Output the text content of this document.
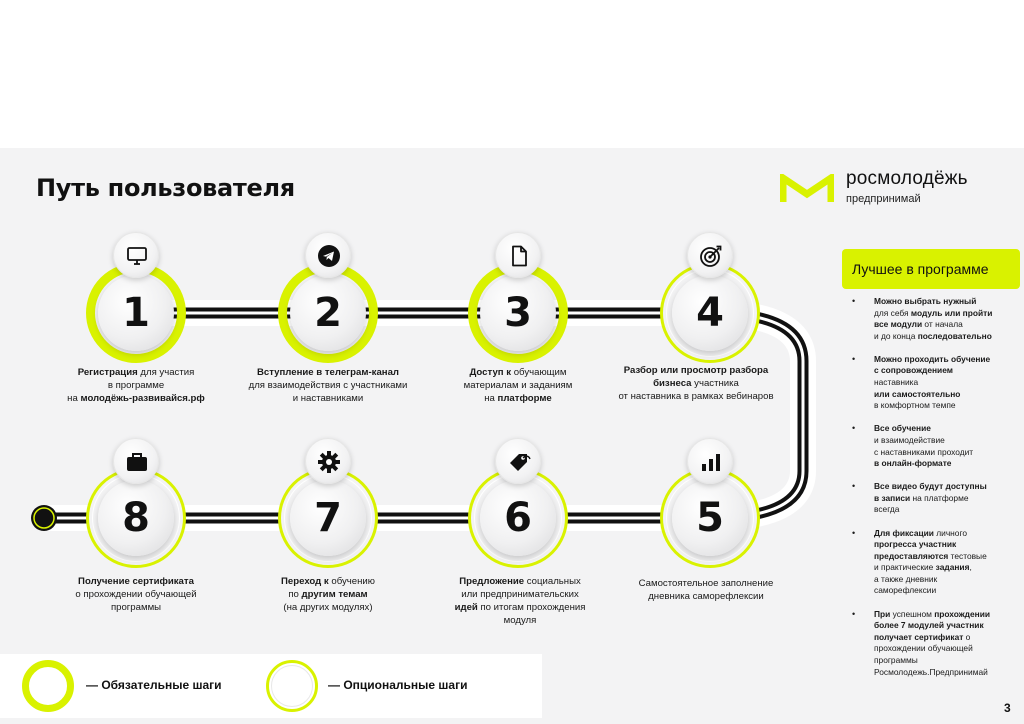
Путь пользователя	росмолодёжь
предпринимай
1	2	3	4
5
6
7
8
Регистрация для участия
в программе
на молодёжь-развивайся.рф
Вступление в телеграм-канал
для взаимодействия с участниками
и наставниками
Доступ к обучающим
материалам и заданиям
на платформе
Разбор или просмотр разбора
бизнеса участника
от наставника в рамках вебинаров
Самостоятельное заполнение
дневника саморефлексии
Предложение социальных
или предпринимательских
идей по итогам прохождения
модуля
Переход к обучению
по другим темам
(на других модулях)
Получение сертификата
о прохождении обучающей
программы
Лучшее в программе
• Можно выбрать нужный
для себя модуль или пройти
все модули от начала
и до конца последовательно
• Можно проходить обучение
с сопровождением
наставника
или самостоятельно
в комфортном темпе
• Все обучение
и взаимодействие
с наставниками проходит
в онлайн-формате
• Все видео будут доступны
в записи на платформе
всегда
• Для фиксации личного
прогресса участник
предоставляются тестовые
и практические задания,
а также дневник
саморефлексии
• При успешном прохождении
более 7 модулей участник
получает сертификат о
прохождении обучающей
программы
Росмолодежь.Предпринимай
— Обязательные шаги	— Опциональные шаги
3
